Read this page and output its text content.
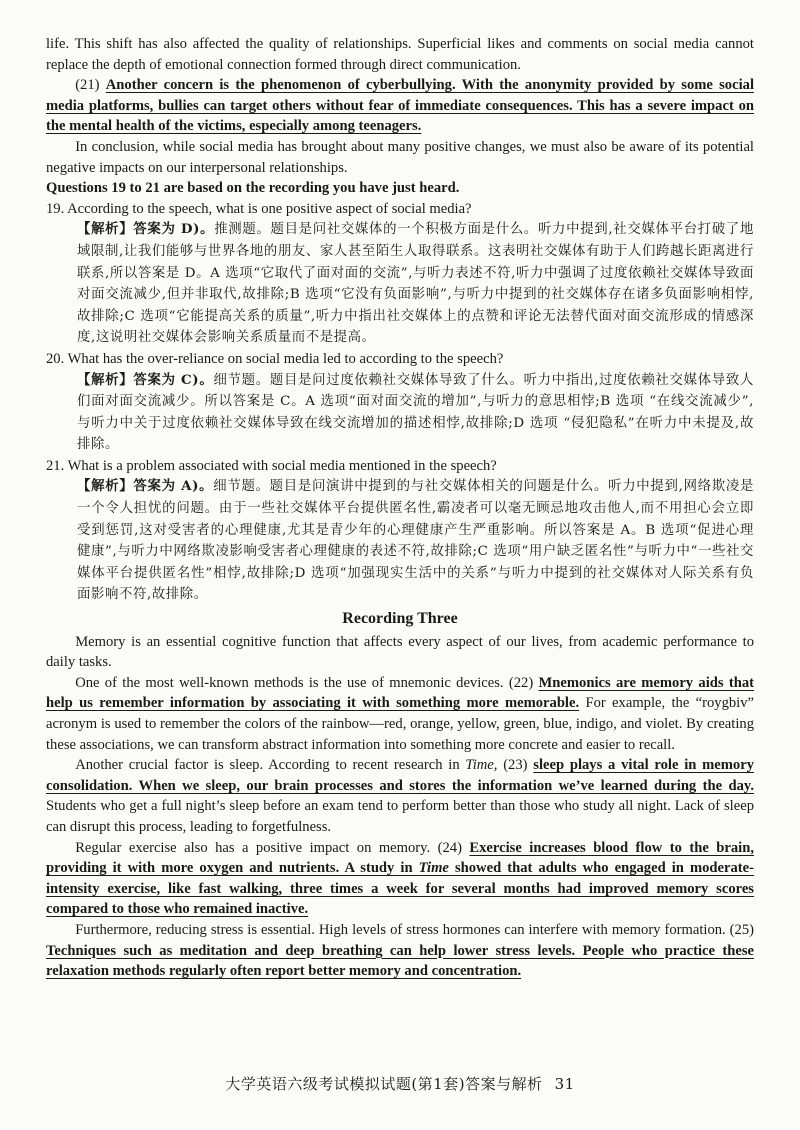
life. This shift has also affected the quality of relationships. Superficial likes and comments on social media cannot replace the depth of emotional connection formed through direct communication.

(21) Another concern is the phenomenon of cyberbullying. With the anonymity provided by some social media platforms, bullies can target others without fear of immediate consequences. This has a severe impact on the mental health of the victims, especially among teenagers.

In conclusion, while social media has brought about many positive changes, we must also be aware of its potential negative impacts on our interpersonal relationships.

Questions 19 to 21 are based on the recording you have just heard.

19. According to the speech, what is one positive aspect of social media?

【解析】答案为 D)。推测题。题目是问社交媒体的一个积极方面是什么。听力中提到,社交媒体平台打破了地域限制,让我们能够与世界各地的朋友、家人甚至陌生人取得联系。这表明社交媒体有助于人们跨越长距离进行联系,所以答案是 D。A 选项“它取代了面对面的交流”,与听力表述不符,听力中强调了过度依赖社交媒体导致面对面交流减少,但并非取代,故排除;B 选项“它没有负面影响”,与听力中提到的社交媒体存在诸多负面影响相悖,故排除;C 选项“它能提高关系的质量”,听力中指出社交媒体上的点赞和评论无法替代面对面交流形成的情感深度,这说明社交媒体会影响关系质量而不是提高。

20. What has the over-reliance on social media led to according to the speech?

【解析】答案为 C)。细节题。题目是问过度依赖社交媒体导致了什么。听力中指出,过度依赖社交媒体导致人们面对面交流减少。所以答案是 C。A 选项“面对面交流的增加”,与听力的意思相悖;B 选项 “在线交流减少”,与听力中关于过度依赖社交媒体导致在线交流增加的描述相悖,故排除;D 选项 “侵犯隐私”在听力中未提及,故排除。

21. What is a problem associated with social media mentioned in the speech?

【解析】答案为 A)。细节题。题目是问演讲中提到的与社交媒体相关的问题是什么。听力中提到,网络欺凌是一个令人担忧的问题。由于一些社交媒体平台提供匿名性,霸凌者可以毫无顾忌地攻击他人,而不用担心会立即受到惩罚,这对受害者的心理健康,尤其是青少年的心理健康产生严重影响。所以答案是 A。B 选项“促进心理健康”,与听力中网络欺凌影响受害者心理健康的表述不符,故排除;C 选项“用户缺乏匿名性”与听力中“一些社交媒体平台提供匿名性”相悖,故排除;D 选项“加强现实生活中的关系”与听力中提到的社交媒体对人际关系有负面影响不符,故排除。

Recording Three

Memory is an essential cognitive function that affects every aspect of our lives, from academic performance to daily tasks.

One of the most well-known methods is the use of mnemonic devices. (22) Mnemonics are memory aids that help us remember information by associating it with something more memorable. For example, the “roygbiv” acronym is used to remember the colors of the rainbow—red, orange, yellow, green, blue, indigo, and violet. By creating these associations, we can transform abstract information into something more concrete and easier to recall.

Another crucial factor is sleep. According to recent research in Time, (23) sleep plays a vital role in memory consolidation. When we sleep, our brain processes and stores the information we’ve learned during the day. Students who get a full night’s sleep before an exam tend to perform better than those who study all night. Lack of sleep can disrupt this process, leading to forgetfulness.

Regular exercise also has a positive impact on memory. (24) Exercise increases blood flow to the brain, providing it with more oxygen and nutrients. A study in Time showed that adults who engaged in moderate-intensity exercise, like fast walking, three times a week for several months had improved memory scores compared to those who remained inactive.

Furthermore, reducing stress is essential. High levels of stress hormones can interfere with memory formation. (25) Techniques such as meditation and deep breathing can help lower stress levels. People who practice these relaxation methods regularly often report better memory and concentration.

大学英语六级考试模拟试题(第1套)答案与解析 31
